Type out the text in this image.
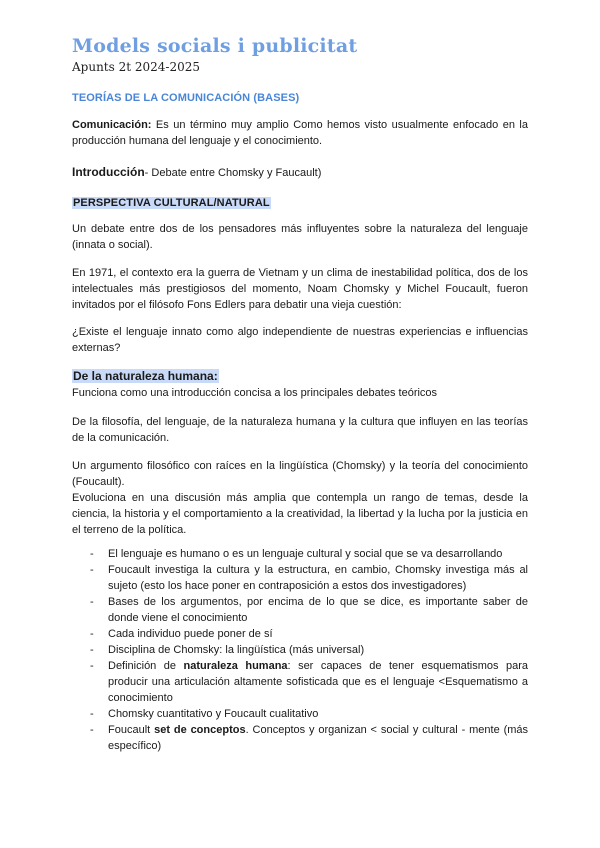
Models socials i publicitat
Apunts 2t 2024-2025
TEORÍAS DE LA COMUNICACIÓN (BASES)

Comunicación: Es un término muy amplio Como hemos visto usualmente enfocado en la producción humana del lenguaje y el conocimiento.

Introducción- Debate entre Chomsky y Faucault)
PERSPECTIVA CULTURAL/NATURAL

Un debate entre dos de los pensadores más influyentes sobre la naturaleza del lenguaje (innata o social).

En 1971, el contexto era la guerra de Vietnam y un clima de inestabilidad política, dos de los intelectuales más prestigiosos del momento, Noam Chomsky y Michel Foucault, fueron invitados por el filósofo Fons Edlers para debatir una vieja cuestión:

¿Existe el lenguaje innato como algo independiente de nuestras experiencias e influencias externas?

De la naturaleza humana:

Funciona como una introducción concisa a los principales debates teóricos

De la filosofía, del lenguaje, de la naturaleza humana y la cultura que influyen en las teorías de la comunicación.

Un argumento filosófico con raíces en la lingüística (Chomsky) y la teoría del conocimiento (Foucault).

Evoluciona en una discusión más amplia que contempla un rango de temas, desde la ciencia, la historia y el comportamiento a la creatividad, la libertad y la lucha por la justicia en el terreno de la política.

- El lenguaje es humano o es un lenguaje cultural y social que se va desarrollando
- Foucault investiga la cultura y la estructura, en cambio, Chomsky investiga más al sujeto (esto los hace poner en contraposición a estos dos investigadores)
- Bases de los argumentos, por encima de lo que se dice, es importante saber de donde viene el conocimiento
- Cada individuo puede poner de sí
- Disciplina de Chomsky: la lingüística (más universal)
- Definición de naturaleza humana: ser capaces de tener esquematismos para producir una articulación altamente sofisticada que es el lenguaje <Esquematismo a conocimiento
- Chomsky cuantitativo y Foucault cualitativo
- Foucault set de conceptos. Conceptos y organizan < social y cultural - mente (más específico)
